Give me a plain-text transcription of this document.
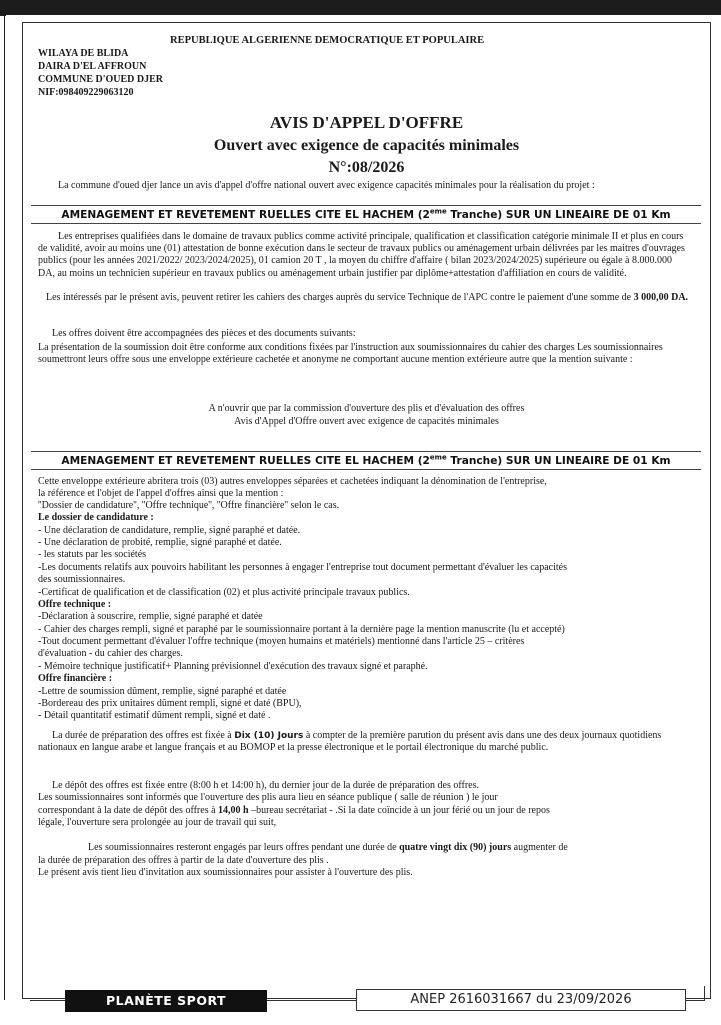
REPUBLIQUE ALGERIENNE DEMOCRATIQUE ET POPULAIRE
WILAYA DE BLIDA
DAIRA D'EL AFFROUN
COMMUNE D'OUED DJER
NIF:098409229063120
AVIS D'APPEL D'OFFRE
Ouvert avec exigence de capacités minimales
N°:08/2026
La commune d'oued djer lance un avis d'appel d'offre national ouvert avec exigence capacités minimales pour la réalisation du projet :
AMENAGEMENT ET REVETEMENT RUELLES CITE EL HACHEM (2eme Tranche) SUR UN LINEAIRE DE 01 Km
Les entreprises qualifiées dans le domaine de travaux publics comme activité principale, qualification et classification catégorie minimale II et plus en cours de validité, avoir au moins une (01) attestation de bonne exécution dans le secteur de travaux publics ou aménagement urbain délivrées par les maitres d'ouvrages publics (pour les années 2021/2022/ 2023/2024/2025), 01 camion 20 T , la moyen du chiffre d'affaire ( bilan 2023/2024/2025) supérieure ou égale à 8.000.000 DA, au moins un technicien supérieur en travaux publics ou aménagement urbain justifier par diplôme+attestation d'affiliation en cours de validité.
Les intéressés par le présent avis, peuvent retirer les cahiers des charges auprès du service Technique de l'APC contre le paiement d'une somme de 3 000,00 DA.
Les offres doivent être accompagnées des pièces et des documents suivants:
La présentation de la soumission doit être conforme aux conditions fixées par l'instruction aux soumissionnaires du cahier des charges Les soumissionnaires soumettront leurs offre sous une enveloppe extérieure cachetée et anonyme ne comportant aucune mention extérieure autre que la mention suivante :
A n'ouvrir que par la commission d'ouverture des plis et d'évaluation des offres
Avis d'Appel d'Offre ouvert avec exigence de capacités minimales
AMENAGEMENT ET REVETEMENT RUELLES CITE EL HACHEM (2eme Tranche) SUR UN LINEAIRE DE 01 Km
Cette enveloppe extérieure abritera trois (03) autres enveloppes séparées et cachetées indiquant la dénomination de l'entreprise,
la référence et l'objet de l'appel d'offres ainsi que la mention :
''Dossier de candidature'', ''Offre technique'', ''Offre financière'' selon le cas.
Le dossier de candidature :
- Une déclaration de candidature, remplie, signé paraphé et datée.
- Une déclaration de probité, remplie, signé paraphé et datée.
- les statuts par les sociétés
-Les documents relatifs aux pouvoirs habilitant les personnes à engager l'entreprise tout document permettant d'évaluer les capacités
des soumissionnaires.
-Certificat de qualification et de classification (02) et plus activité principale travaux publics.
Offre technique :
-Déclaration à souscrire, remplie, signé paraphé et datée
- Cahier des charges rempli, signé et paraphé par le soumissionnaire portant à la dernière page la mention manuscrite (lu et accepté)
-Tout document permettant d'évaluer l'offre technique (moyen humains et matériels) mentionné dans l'article 25 – critères
d'évaluation - du cahier des charges.
- Mémoire technique justificatif+ Planning prévisionnel d'exécution des travaux signé et paraphé.
Offre financière :
-Lettre de soumission dûment, remplie, signé paraphé et datée
-Bordereau des prix unitaires dûment rempli, signé et daté (BPU),
- Détail quantitatif estimatif dûment rempli, signé et daté .
La durée de préparation des offres est fixée à Dix (10) Jours à compter de la première parution du présent avis dans une des deux journaux quotidiens nationaux en langue arabe et langue français et au BOMOP et la presse électronique et le portail électronique du marché public.
Le dépôt des offres est fixée entre (8:00 h et 14:00 h), du dernier jour de la durée de préparation des offres.
Les soumissionnaires sont informés que l'ouverture des plis aura lieu en séance publique ( salle de réunion ) le jour
correspondant à la date de dépôt des offres à 14,00 h –bureau secrétariat - .Si la date coïncide à un jour férié ou un jour de repos
légale, l'ouverture sera prolongée au jour de travail qui suit,
Les soumissionnaires resteront engagés par leurs offres pendant une durée de quatre vingt dix (90) jours augmenter de
la durée de préparation des offres à partir de la date d'ouverture des plis .
Le présent avis tient lieu d'invitation aux soumissionnaires pour assister à l'ouverture des plis.
PLANÈTE SPORT	ANEP 2616031667 du 23/09/2026
